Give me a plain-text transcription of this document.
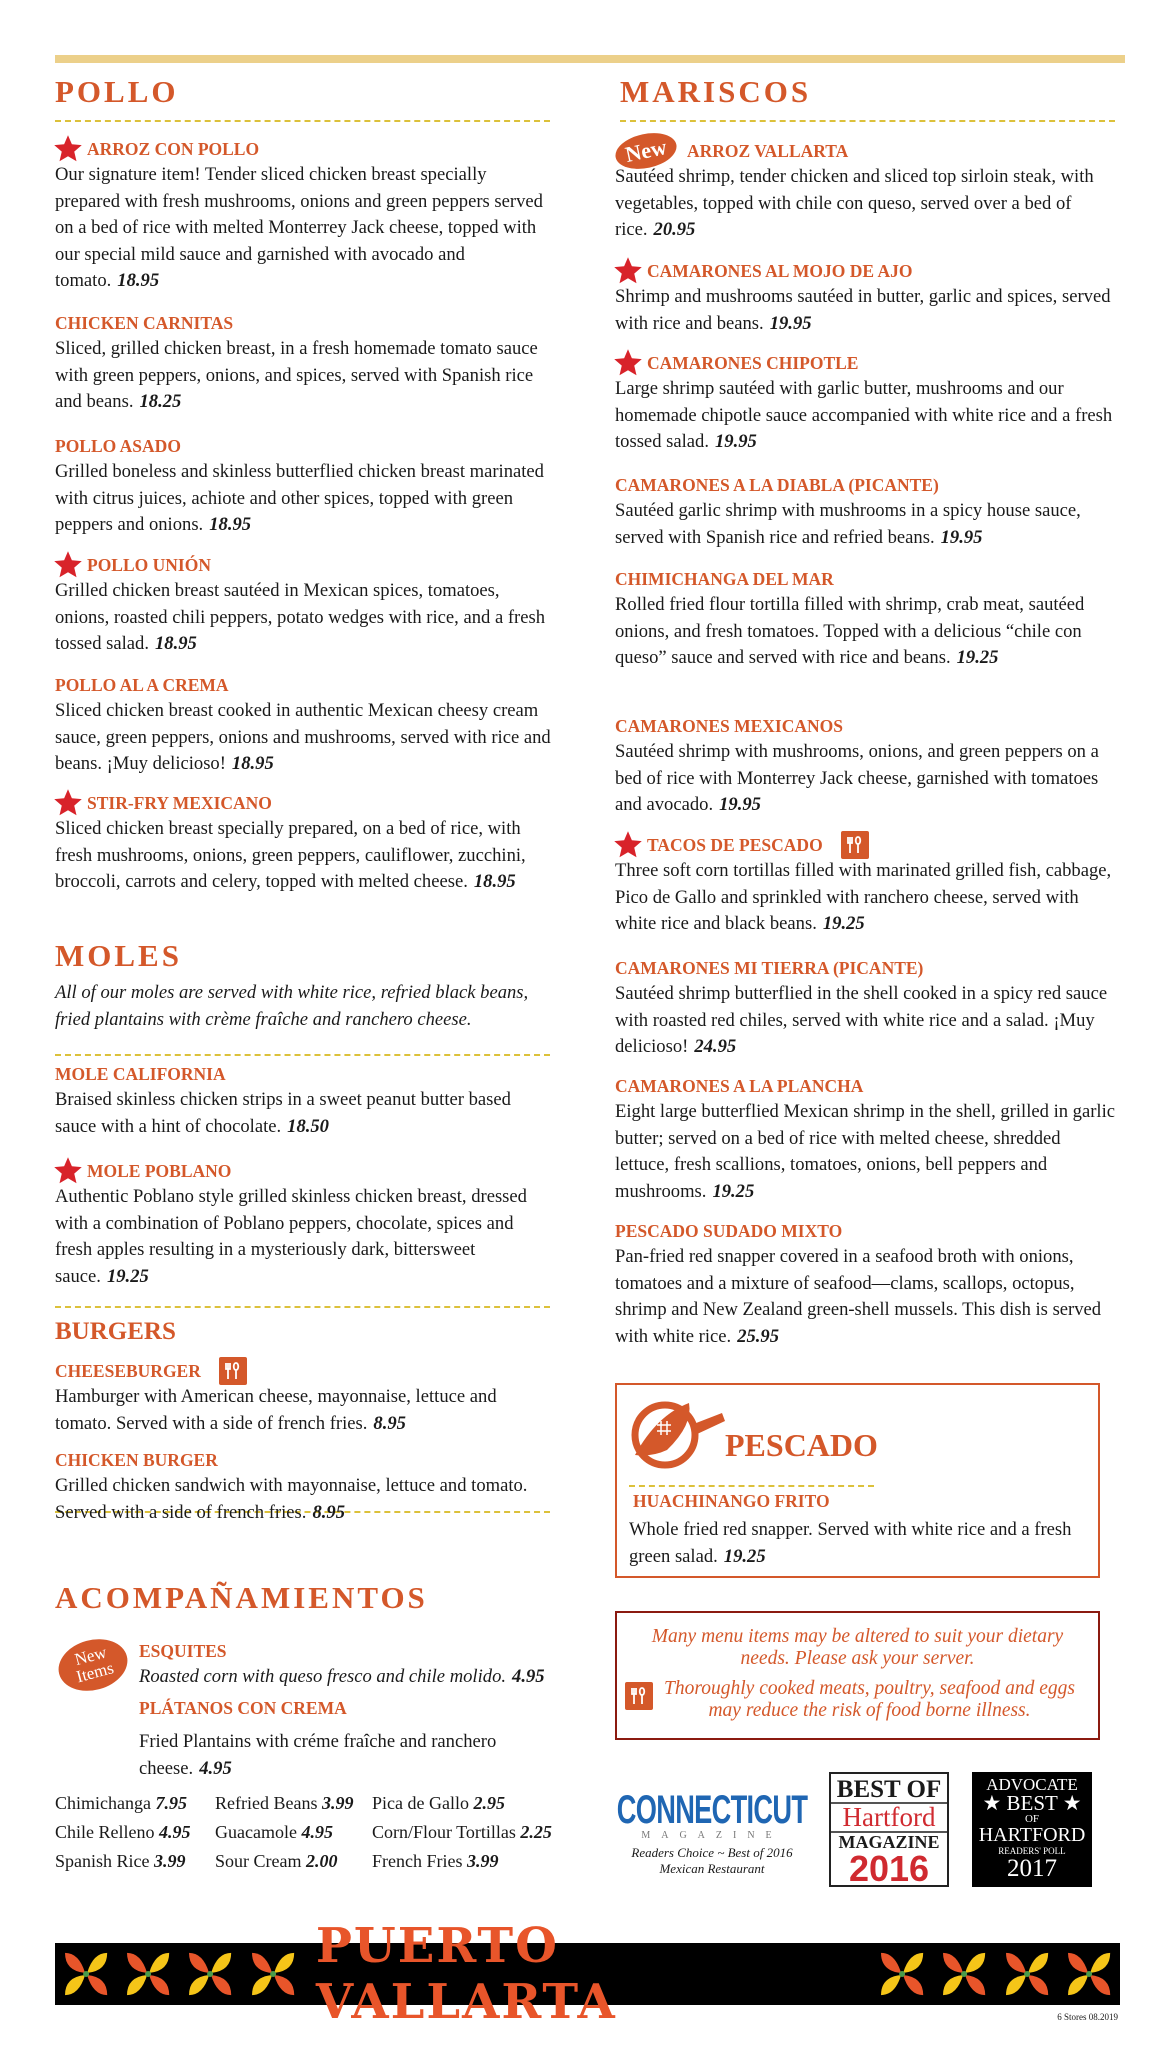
POLLO
MOLES
All of our moles are served with white rice, refried black beans, fried plantains with crème fraîche and ranchero cheese.
BURGERS
ACOMPAÑAMIENTOS
New Items
Chimichanga 7.95	Refried Beans 3.99	Pica de Gallo 2.95
Chile Relleno 4.95	Guacamole 4.95	Corn/Flour Tortillas 2.25
Spanish Rice 3.99	Sour Cream 2.00	French Fries 3.99
MARISCOS
PESCADO
HUACHINANGO FRITO
Whole fried red snapper. Served with white rice and a fresh green salad. 19.25
Many menu items may be altered to suit your dietary needs. Please ask your server.
Thoroughly cooked meats, poultry, seafood and eggs may reduce the risk of food borne illness.
CONNECTICUT
MAGAZINE
Readers Choice ~ Best of 2016
Mexican Restaurant
BEST OF
Hartford
MAGAZINE
2016
ADVOCATE
★ BEST ★
OF
HARTFORD
READERS' POLL
2017
PUERTO VALLARTA	6 Stores 08.2019
ARROZ CON POLLO
Our signature item! Tender sliced chicken breast specially prepared with fresh mushrooms, onions and green peppers served on a bed of rice with melted Monterrey Jack cheese, topped with our special mild sauce and garnished with avocado and tomato. 18.95
CHICKEN CARNITAS
Sliced, grilled chicken breast, in a fresh homemade tomato sauce with green peppers, onions, and spices, served with Spanish rice and beans. 18.25
POLLO ASADO
Grilled boneless and skinless butterflied chicken breast marinated with citrus juices, achiote and other spices, topped with green peppers and onions. 18.95
POLLO UNIÓN
Grilled chicken breast sautéed in Mexican spices, tomatoes, onions, roasted chili peppers, potato wedges with rice, and a fresh tossed salad. 18.95
POLLO AL A CREMA
Sliced chicken breast cooked in authentic Mexican cheesy cream sauce, green peppers, onions and mushrooms, served with rice and beans. ¡Muy delicioso! 18.95
STIR-FRY MEXICANO
Sliced chicken breast specially prepared, on a bed of rice, with fresh mushrooms, onions, green peppers, cauliflower, zucchini, broccoli, carrots and celery, topped with melted cheese. 18.95
MOLE CALIFORNIA
Braised skinless chicken strips in a sweet peanut butter based sauce with a hint of chocolate. 18.50
MOLE POBLANO
Authentic Poblano style grilled skinless chicken breast, dressed with a combination of Poblano peppers, chocolate, spices and fresh apples resulting in a mysteriously dark, bittersweet sauce. 19.25
CHEESEBURGER
Hamburger with American cheese, mayonnaise, lettuce and tomato. Served with a side of french fries. 8.95
CHICKEN BURGER
Grilled chicken sandwich with mayonnaise, lettuce and tomato. Served with a side of french fries. 8.95
ESQUITES
Roasted corn with queso fresco and chile molido. 4.95
PLÁTANOS CON CREMA
Fried Plantains with créme fraîche and ranchero cheese. 4.95
New	ARROZ VALLARTA
Sautéed shrimp, tender chicken and sliced top sirloin steak, with vegetables, topped with chile con queso, served over a bed of rice. 20.95
CAMARONES AL MOJO DE AJO
Shrimp and mushrooms sautéed in butter, garlic and spices, served with rice and beans. 19.95
CAMARONES CHIPOTLE
Large shrimp sautéed with garlic butter, mushrooms and our homemade chipotle sauce accompanied with white rice and a fresh tossed salad. 19.95
CAMARONES A LA DIABLA (PICANTE)
Sautéed garlic shrimp with mushrooms in a spicy house sauce, served with Spanish rice and refried beans. 19.95
CHIMICHANGA DEL MAR
Rolled fried flour tortilla filled with shrimp, crab meat, sautéed onions, and fresh tomatoes. Topped with a delicious “chile con queso” sauce and served with rice and beans. 19.25
CAMARONES MEXICANOS
Sautéed shrimp with mushrooms, onions, and green peppers on a bed of rice with Monterrey Jack cheese, garnished with tomatoes and avocado. 19.95
TACOS DE PESCADO
Three soft corn tortillas filled with marinated grilled fish, cabbage, Pico de Gallo and sprinkled with ranchero cheese, served with white rice and black beans. 19.25
CAMARONES MI TIERRA (PICANTE)
Sautéed shrimp butterflied in the shell cooked in a spicy red sauce with roasted red chiles, served with white rice and a salad. ¡Muy delicioso! 24.95
CAMARONES A LA PLANCHA
Eight large butterflied Mexican shrimp in the shell, grilled in garlic butter; served on a bed of rice with melted cheese, shredded lettuce, fresh scallions, tomatoes, onions, bell peppers and mushrooms. 19.25
PESCADO SUDADO MIXTO
Pan-fried red snapper covered in a seafood broth with onions, tomatoes and a mixture of seafood—clams, scallops, octopus, shrimp and New Zealand green-shell mussels. This dish is served with white rice. 25.95
